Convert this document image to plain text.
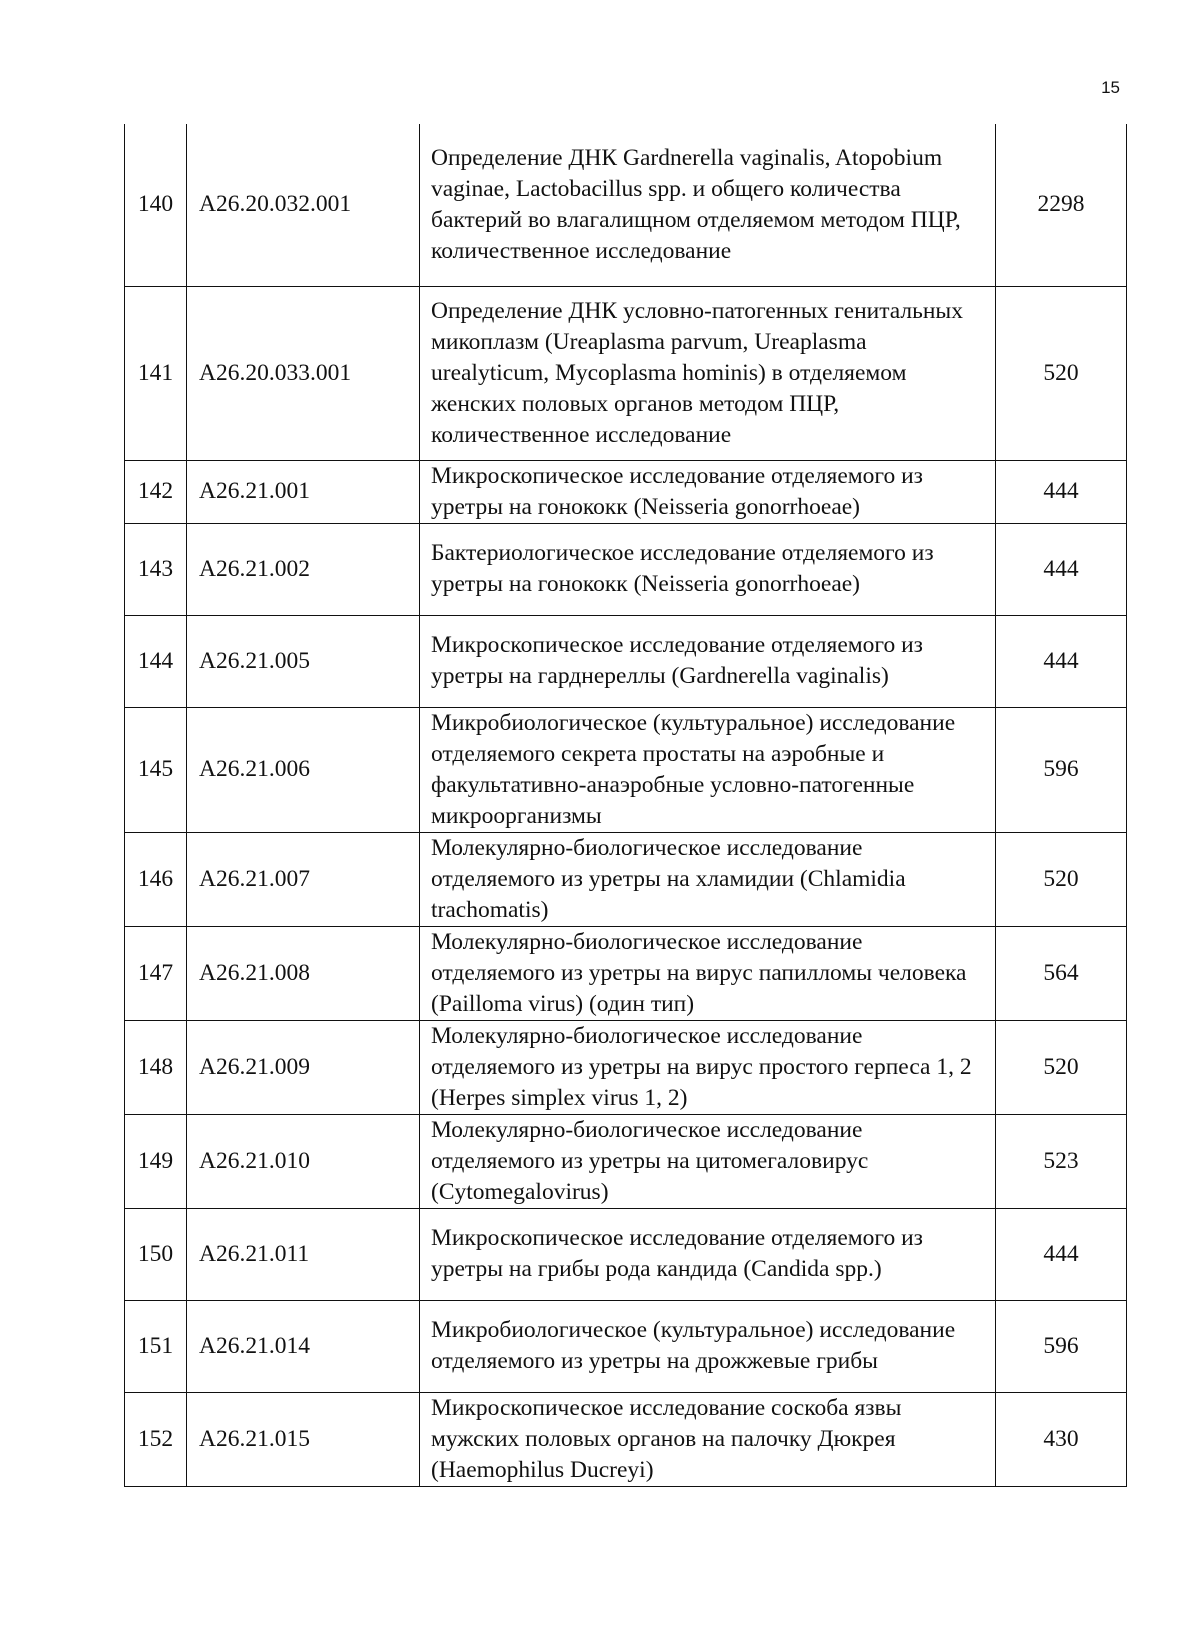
15
140	A26.20.032.001	Определение ДНК Gardnerella vaginalis, Atopobium vaginae, Lactobacillus spp. и общего количества бактерий во влагалищном отделяемом методом ПЦР, количественное исследование	2298
141	A26.20.033.001	Определение ДНК условно-патогенных генитальных микоплазм (Ureaplasma parvum, Ureaplasma urealyticum, Mycoplasma hominis) в отделяемом женских половых органов методом ПЦР, количественное исследование	520
142	A26.21.001	Микроскопическое исследование отделяемого из уретры на гонококк (Neisseria gonorrhoeae)	444
143	A26.21.002	Бактериологическое исследование отделяемого из уретры на гонококк (Neisseria gonorrhoeae)	444
144	A26.21.005	Микроскопическое исследование отделяемого из уретры на гарднереллы (Gardnerella vaginalis)	444
145	A26.21.006	Микробиологическое (культуральное) исследование отделяемого секрета простаты на аэробные и факультативно-анаэробные условно-патогенные микроорганизмы	596
146	A26.21.007	Молекулярно-биологическое исследование отделяемого из уретры на хламидии (Chlamidia trachomatis)	520
147	A26.21.008	Молекулярно-биологическое исследование отделяемого из уретры на вирус папилломы человека (Pailloma virus) (один тип)	564
148	A26.21.009	Молекулярно-биологическое исследование отделяемого из уретры на вирус простого герпеса 1, 2 (Herpes simplex virus 1, 2)	520
149	A26.21.010	Молекулярно-биологическое исследование отделяемого из уретры на цитомегаловирус (Cytomegalovirus)	523
150	A26.21.011	Микроскопическое исследование отделяемого из уретры на грибы рода кандида (Candida spp.)	444
151	A26.21.014	Микробиологическое (культуральное) исследование отделяемого из уретры на дрожжевые грибы	596
152	A26.21.015	Микроскопическое исследование соскоба язвы мужских половых органов на палочку Дюкрея (Haemophilus Ducreyi)	430
